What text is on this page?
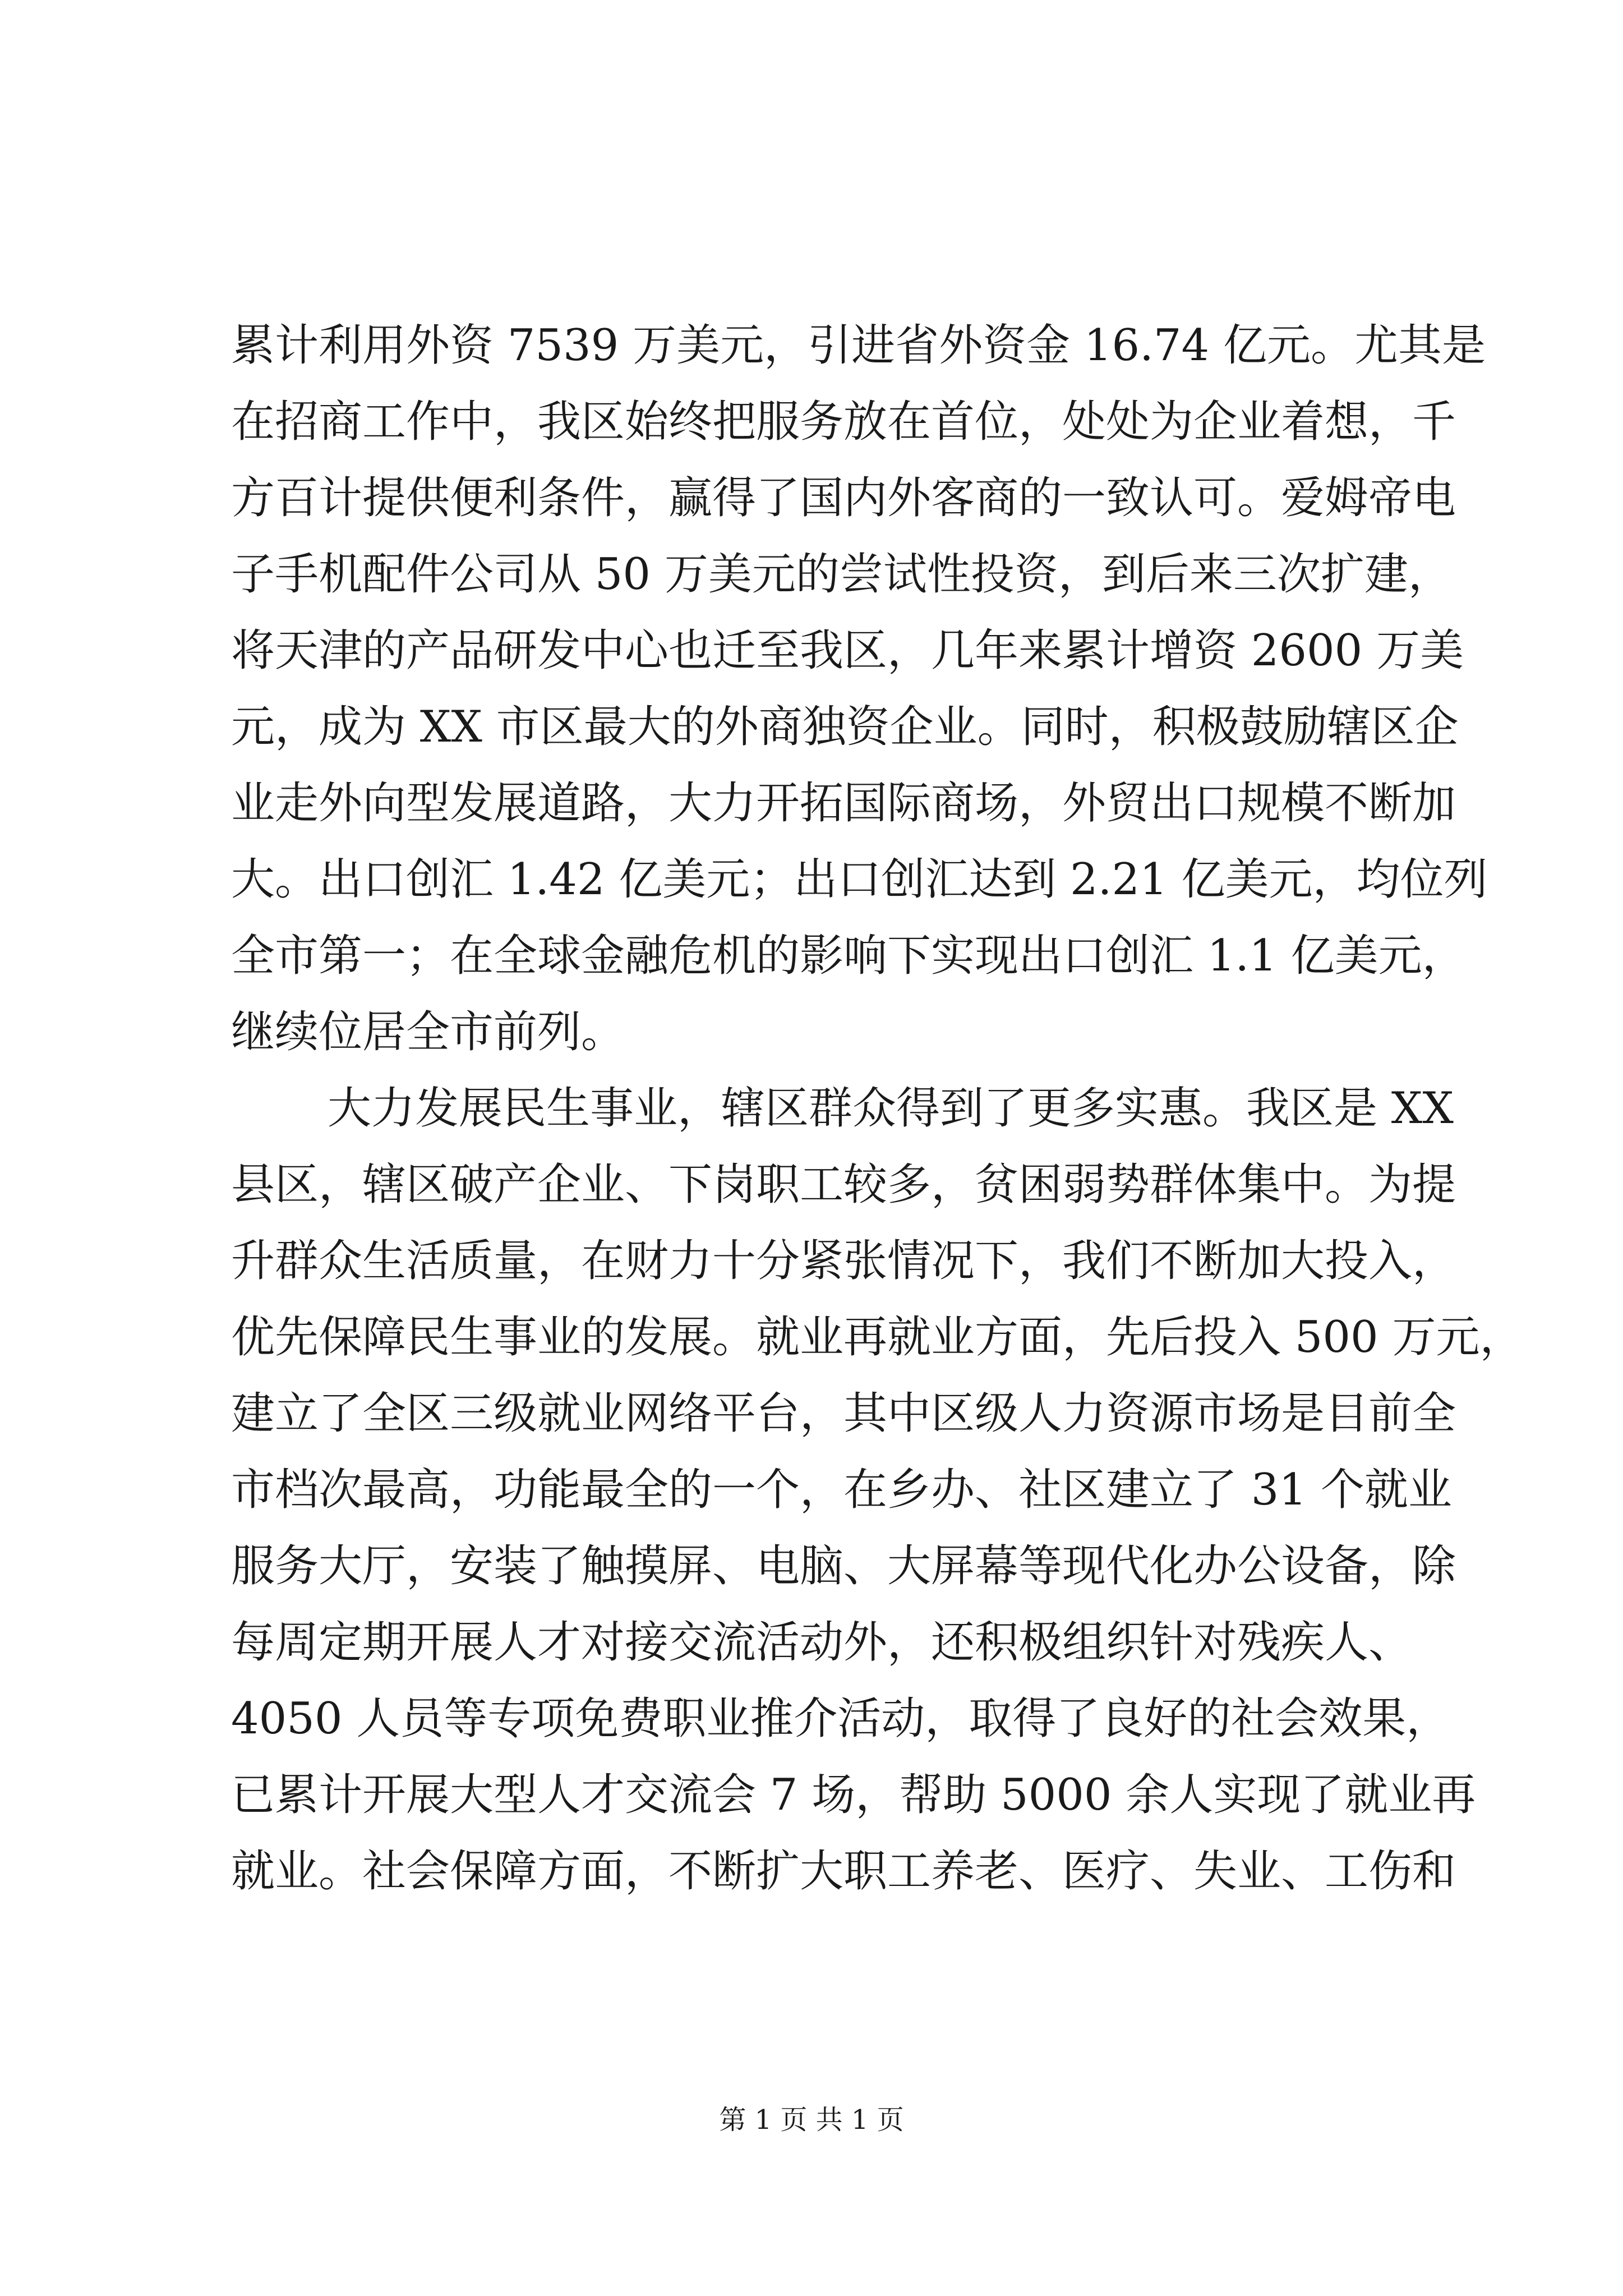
累计利用外资 7539 万美元，引进省外资金 16.74 亿元。尤其是
在招商工作中，我区始终把服务放在首位，处处为企业着想，千
方百计提供便利条件，赢得了国内外客商的一致认可。爱姆帝电
子手机配件公司从 50 万美元的尝试性投资，到后来三次扩建，
将天津的产品研发中心也迁至我区，几年来累计增资 2600 万美
元，成为 XX 市区最大的外商独资企业。同时，积极鼓励辖区企
业走外向型发展道路，大力开拓国际商场，外贸出口规模不断加
大。出口创汇 1.42 亿美元；出口创汇达到 2.21 亿美元，均位列
全市第一；在全球金融危机的影响下实现出口创汇 1.1 亿美元，
继续位居全市前列。
大力发展民生事业，辖区群众得到了更多实惠。我区是 XX
县区，辖区破产企业、下岗职工较多，贫困弱势群体集中。为提
升群众生活质量，在财力十分紧张情况下，我们不断加大投入，
优先保障民生事业的发展。就业再就业方面，先后投入 500 万元，
建立了全区三级就业网络平台，其中区级人力资源市场是目前全
市档次最高，功能最全的一个，在乡办、社区建立了 31 个就业
服务大厅，安装了触摸屏、电脑、大屏幕等现代化办公设备，除
每周定期开展人才对接交流活动外，还积极组织针对残疾人、
4050 人员等专项免费职业推介活动，取得了良好的社会效果，
已累计开展大型人才交流会 7 场，帮助 5000 余人实现了就业再
就业。社会保障方面，不断扩大职工养老、医疗、失业、工伤和
第 1 页 共 1 页
